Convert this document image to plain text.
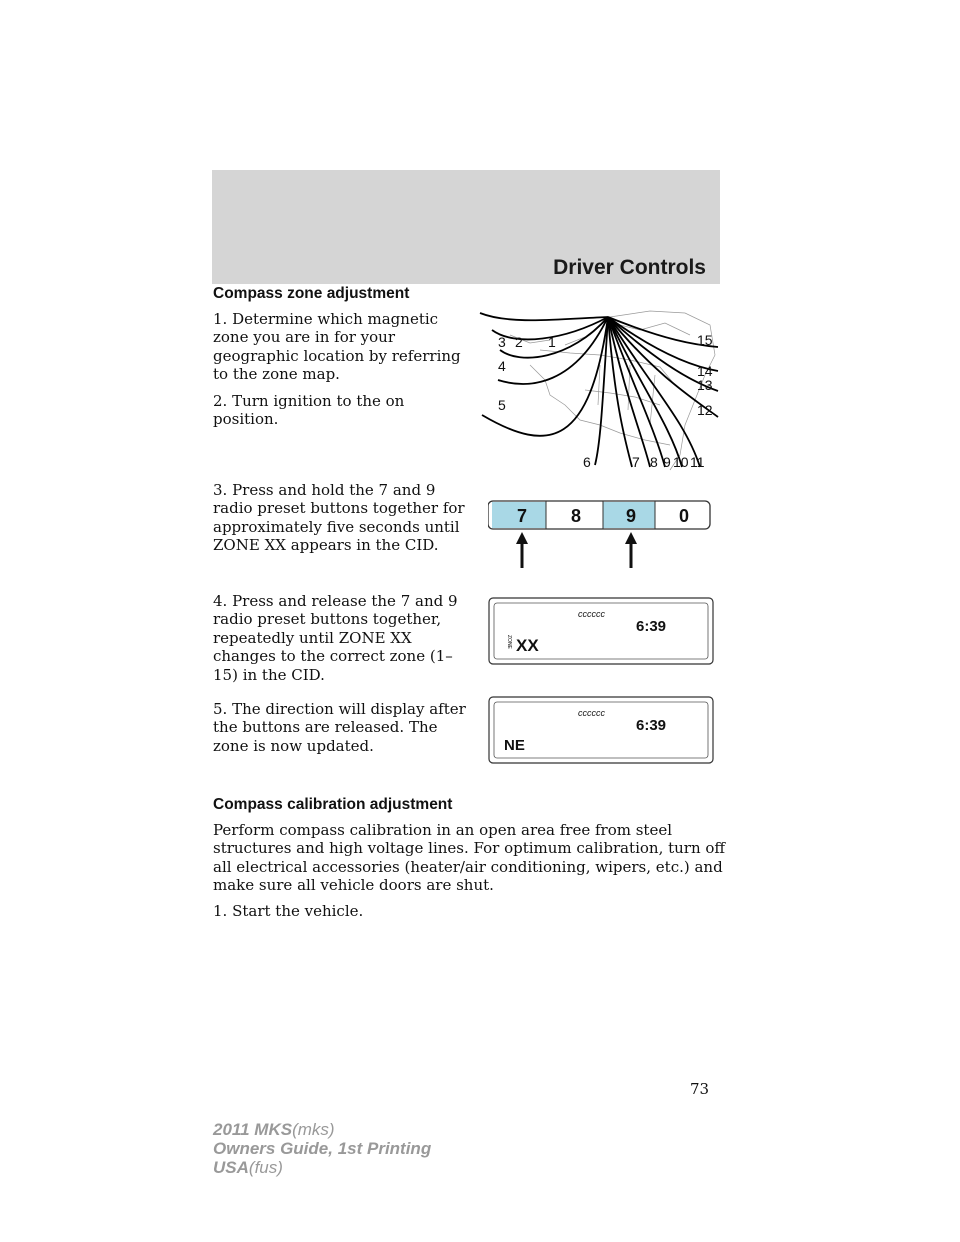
Driver Controls
Compass zone adjustment

1. Determine which magnetic zone you are in for your geographic location by referring to the zone map.

2. Turn ignition to the on position.

3. Press and hold the 7 and 9 radio preset buttons together for approximately five seconds until ZONE XX appears in the CID.

4. Press and release the 7 and 9 radio preset buttons together, repeatedly until ZONE XX changes to the correct zone (1–15) in the CID.

5. The direction will display after the buttons are released. The zone is now updated.

1
2
3
4
5
6	7 8 9 10 11
12
13
14
15
7 8 9 0
cccccc
6:39
ZONE XX
cccccc
6:39
NE
Compass calibration adjustment

Perform compass calibration in an open area free from steel structures and high voltage lines. For optimum calibration, turn off all electrical accessories (heater/air conditioning, wipers, etc.) and make sure all vehicle doors are shut.

1. Start the vehicle.

73
2011 MKS(mks)
Owners Guide, 1st Printing
USA(fus)
